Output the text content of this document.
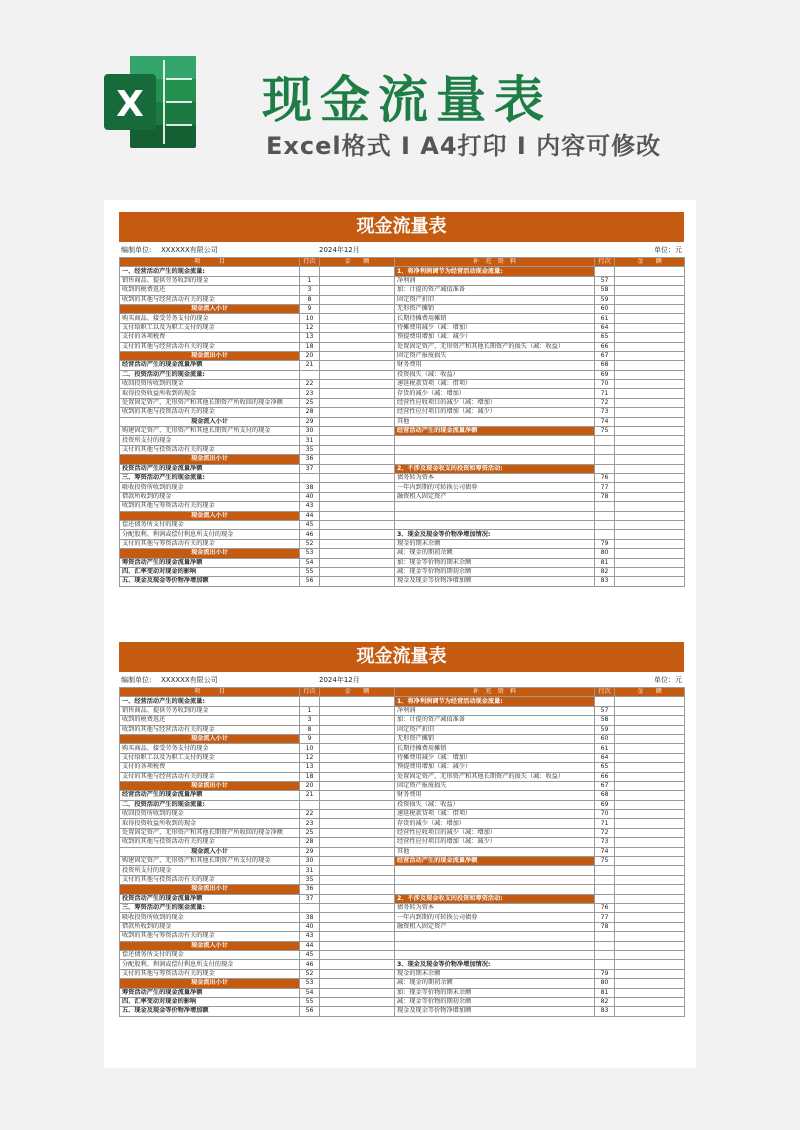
X 现金流量表
Excel格式 I A4打印 I 内容可修改
现金流量表
编制单位: XXXXXX有限公司	2024年12月	单位：元
项　　　目	行次	金　　额	补　充　资　料	行次	金　　额
一、经营活动产生的现金流量:			1、将净利润调节为经营活动现金流量:		
销售商品、提供劳务收到的现金	1		净利润	57	
收到的税费返还	3		加：计提的资产减值准备	58	
收到的其他与经营活动有关的现金	8		固定资产折旧	59	
现金流入小计	9		无形资产摊销	60	
购买商品、接受劳务支付的现金	10		长期待摊费用摊销	61	
支付给职工以及为职工支付的现金	12		待摊费用减少（减：增加）	64	
支付的各项税费	13		预提费用增加（减：减少）	65	
支付的其他与经营活动有关的现金	18		处置固定资产、无形资产和其他长期资产的损失（减：收益）	66	
现金流出小计	20		固定资产报废损失	67	
经营活动产生的现金流量净额	21		财务费用	68	
二、投资活动产生的现金流量:			投资损失（减：收益）	69	
收回投资所收到的现金	22		递延税款贷项（减：借项）	70	
取得投资收益所收到的现金	23		存货的减少（减：增加）	71	
处置固定资产、无形资产和其他长期资产所收回的现金净额	25		经营性应收项目的减少（减：增加）	72	
收到的其他与投资活动有关的现金	28		经营性应付项目的增加（减：减少）	73	
现金流入小计	29		其他	74	
购建固定资产、无形资产和其他长期资产所支付的现金	30		经营活动产生的现金流量净额	75	
投资所支付的现金	31				
支付的其他与投资活动有关的现金	35				
现金流出小计	36				
投资活动产生的现金流量净额	37		2、不涉及现金收支的投资和筹资活动:		
三、筹资活动产生的现金流量:			债务转为资本	76	
吸收投资所收到的现金	38		一年内到期的可转换公司债券	77	
借款所收到的现金	40		融资租入固定资产	78	
收到的其他与筹资活动有关的现金	43				
现金流入小计	44				
偿还债务所支付的现金	45				
分配股利、利润或偿付利息所支付的现金	46		3、现金及现金等价物净增加情况:		
支付的其他与筹资活动有关的现金	52		现金的期末余额	79	
现金流出小计	53		减：现金的期初余额	80	
筹资活动产生的现金流量净额	54		加：现金等价物的期末余额	81	
四、汇率变动对现金的影响	55		减：现金等价物的期初余额	82	
五、现金及现金等价物净增加额	56		现金及现金等价物净增加额	83	
现金流量表
编制单位: XXXXXX有限公司	2024年12月	单位：元
项　　　目	行次	金　　额	补　充　资　料	行次	金　　额
一、经营活动产生的现金流量:			1、将净利润调节为经营活动现金流量:		
销售商品、提供劳务收到的现金	1		净利润	57	
收到的税费返还	3		加：计提的资产减值准备	58	
收到的其他与经营活动有关的现金	8		固定资产折旧	59	
现金流入小计	9		无形资产摊销	60	
购买商品、接受劳务支付的现金	10		长期待摊费用摊销	61	
支付给职工以及为职工支付的现金	12		待摊费用减少（减：增加）	64	
支付的各项税费	13		预提费用增加（减：减少）	65	
支付的其他与经营活动有关的现金	18		处置固定资产、无形资产和其他长期资产的损失（减：收益）	66	
现金流出小计	20		固定资产报废损失	67	
经营活动产生的现金流量净额	21		财务费用	68	
二、投资活动产生的现金流量:			投资损失（减：收益）	69	
收回投资所收到的现金	22		递延税款贷项（减：借项）	70	
取得投资收益所收到的现金	23		存货的减少（减：增加）	71	
处置固定资产、无形资产和其他长期资产所收回的现金净额	25		经营性应收项目的减少（减：增加）	72	
收到的其他与投资活动有关的现金	28		经营性应付项目的增加（减：减少）	73	
现金流入小计	29		其他	74	
购建固定资产、无形资产和其他长期资产所支付的现金	30		经营活动产生的现金流量净额	75	
投资所支付的现金	31				
支付的其他与投资活动有关的现金	35				
现金流出小计	36				
投资活动产生的现金流量净额	37		2、不涉及现金收支的投资和筹资活动:		
三、筹资活动产生的现金流量:			债务转为资本	76	
吸收投资所收到的现金	38		一年内到期的可转换公司债券	77	
借款所收到的现金	40		融资租入固定资产	78	
收到的其他与筹资活动有关的现金	43				
现金流入小计	44				
偿还债务所支付的现金	45				
分配股利、利润或偿付利息所支付的现金	46		3、现金及现金等价物净增加情况:		
支付的其他与筹资活动有关的现金	52		现金的期末余额	79	
现金流出小计	53		减：现金的期初余额	80	
筹资活动产生的现金流量净额	54		加：现金等价物的期末余额	81	
四、汇率变动对现金的影响	55		减：现金等价物的期初余额	82	
五、现金及现金等价物净增加额	56		现金及现金等价物净增加额	83	
